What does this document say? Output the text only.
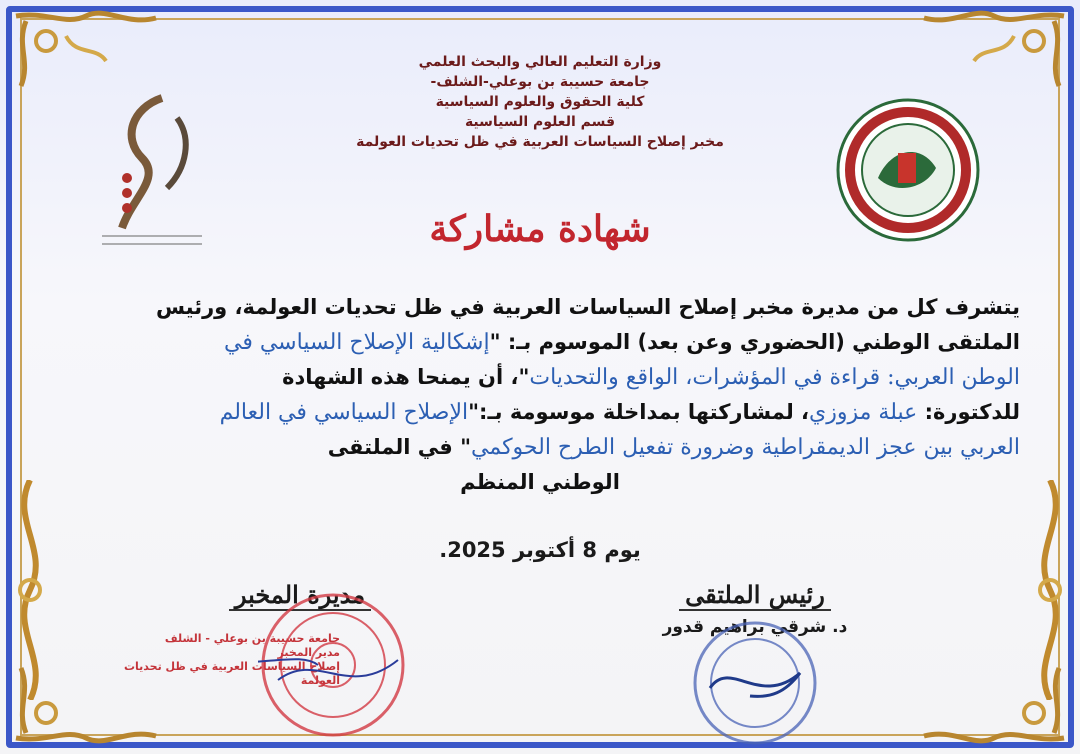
وزارة التعليم العالي والبحث العلمي
جامعة حسيبة بن بوعلي-الشلف-
كلية الحقوق والعلوم السياسية
قسم العلوم السياسية
مخبر إصلاح السياسات العربية في ظل تحديات العولمة
شهادة مشاركة
يتشرف كل من مديرة مخبر إصلاح السياسات العربية في ظل تحديات العولمة، ورئيس
الملتقى الوطني (الحضوري وعن بعد) الموسوم بـ: "إشكالية الإصلاح السياسي في
الوطن العربي: قراءة في المؤشرات، الواقع والتحديات"، أن يمنحا هذه الشهادة
للدكتورة: عبلة مزوزي، لمشاركتها بمداخلة موسومة بـ:"الإصلاح السياسي في العالم
العربي بين عجز الديمقراطية وضرورة تفعيل الطرح الحوكمي" في الملتقى
الوطني المنظم
يوم 8 أكتوبر 2025.
رئيس الملتقى
د. شرقي براهيم قدور
مديرة المخبر
جامعة حسيبة بن بوعلي - الشلف
مدير المخبر
إصلاح السياسات العربية في ظل تحديات العولمة
